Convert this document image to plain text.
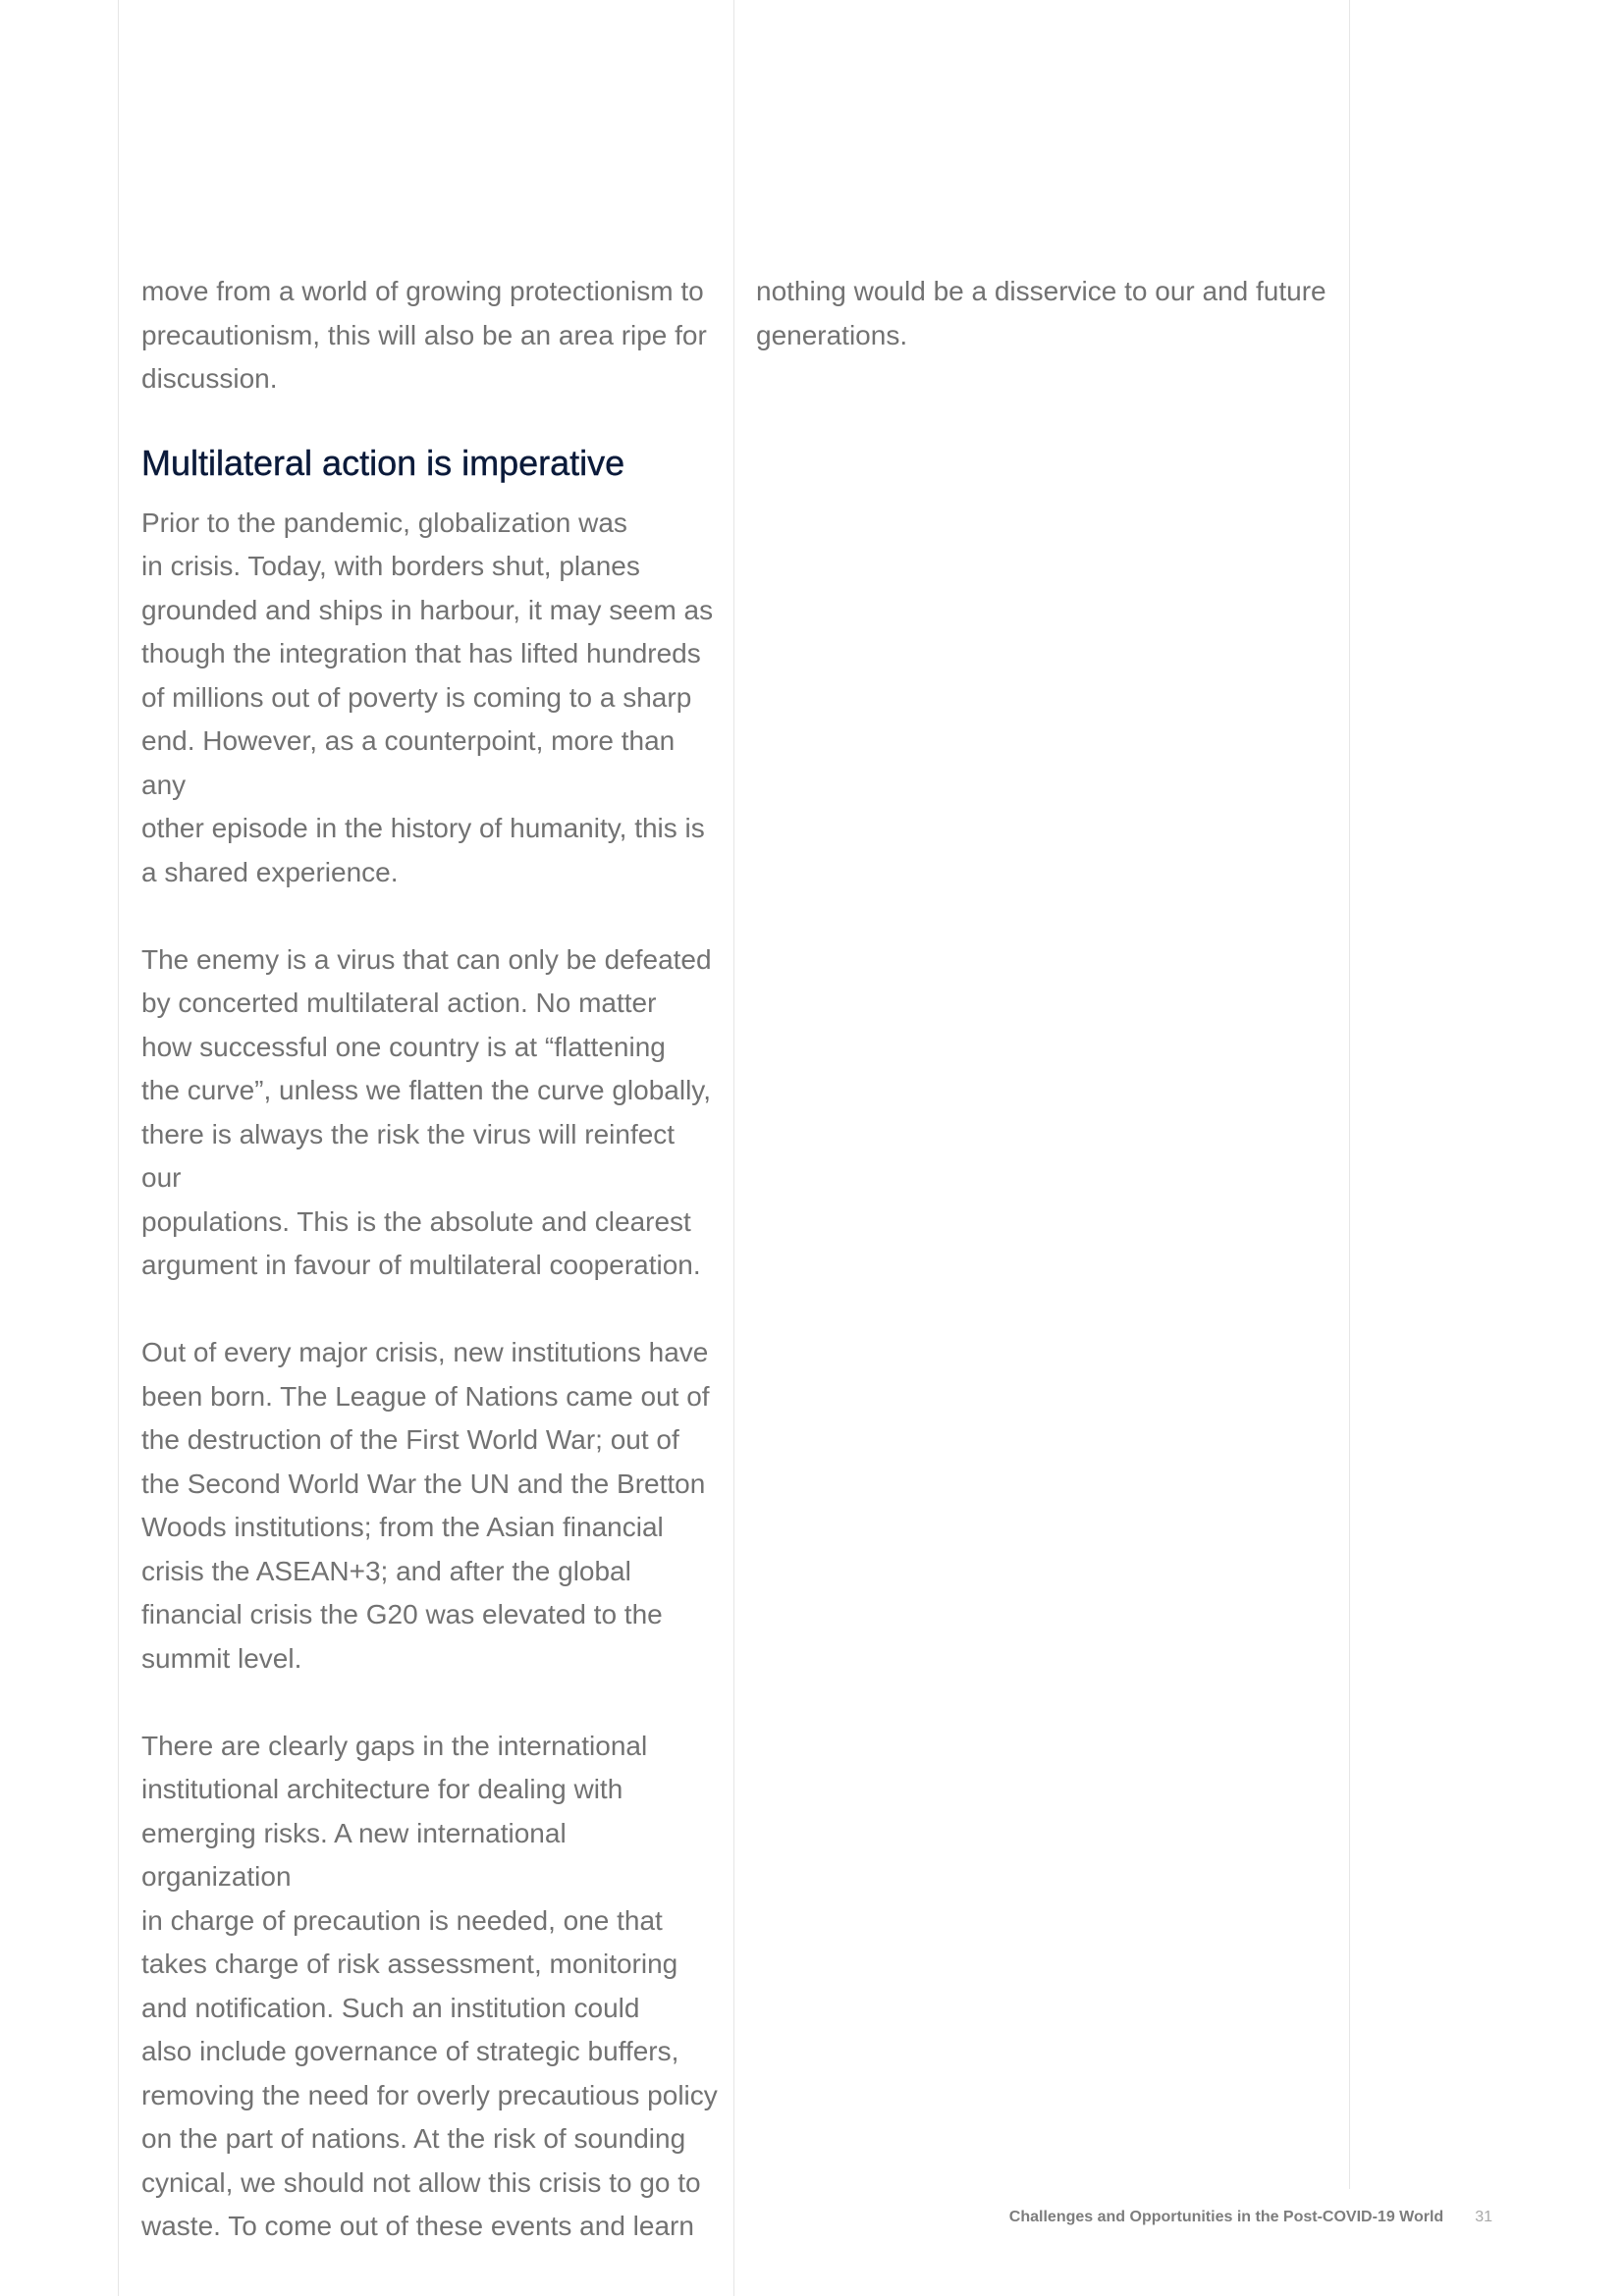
move from a world of growing protectionism to
precautionism, this will also be an area ripe for
discussion.

Multilateral action is imperative

Prior to the pandemic, globalization was
in crisis. Today, with borders shut, planes
grounded and ships in harbour, it may seem as
though the integration that has lifted hundreds
of millions out of poverty is coming to a sharp
end. However, as a counterpoint, more than any
other episode in the history of humanity, this is
a shared experience.

The enemy is a virus that can only be defeated
by concerted multilateral action. No matter
how successful one country is at “flattening
the curve”, unless we flatten the curve globally,
there is always the risk the virus will reinfect our
populations. This is the absolute and clearest
argument in favour of multilateral cooperation.

Out of every major crisis, new institutions have
been born. The League of Nations came out of
the destruction of the First World War; out of
the Second World War the UN and the Bretton
Woods institutions; from the Asian financial
crisis the ASEAN+3; and after the global
financial crisis the G20 was elevated to the
summit level.

There are clearly gaps in the international
institutional architecture for dealing with
emerging risks. A new international organization
in charge of precaution is needed, one that
takes charge of risk assessment, monitoring
and notification. Such an institution could
also include governance of strategic buffers,
removing the need for overly precautious policy
on the part of nations. At the risk of sounding
cynical, we should not allow this crisis to go to
waste. To come out of these events and learn

nothing would be a disservice to our and future
generations.

Challenges and Opportunities in the Post-COVID-19 World 31
